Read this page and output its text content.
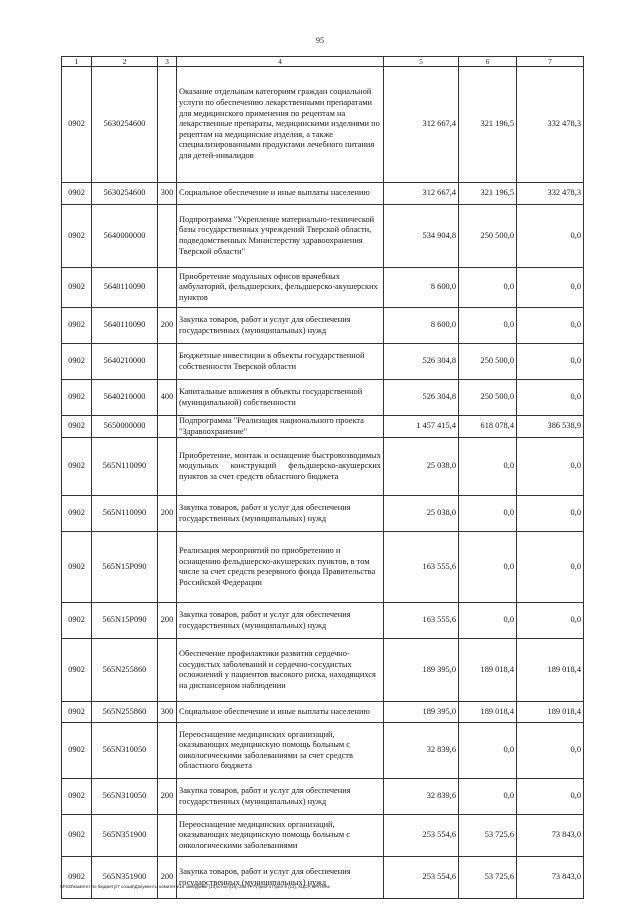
95
1	2	3	4	5	6	7
0902	5630254600		Оказание отдельным категориям граждан социальной услуги по обеспечению лекарственными препаратами для медицинского применения по рецептам на лекарственные препараты, медицинскими изделиями по рецептам на медицинские изделия, а также специализированными продуктами лечебного питания для детей-инвалидов	312 667,4	321 196,5	332 478,3
0902	5630254600	300	Социальное обеспечение и иные выплаты населению	312 667,4	321 196,5	332 478,3
0902	5640000000		Подпрограмма "Укрепление материально-технической базы государственных учреждений Тверской области, подведомственных Министерству здравоохранения Тверской области"	534 904,8	250 500,0	0,0
0902	5640110090		Приобретение модульных офисов врачебных амбулаторий, фельдшерских, фельдшерско-акушерских пунктов	8 600,0	0,0	0,0
0902	5640110090	200	Закупка товаров, работ и услуг для обеспечения государственных (муниципальных) нужд	8 600,0	0,0	0,0
0902	5640210000		Бюджетные инвестиции в объекты государственной собственности Тверской области	526 304,8	250 500,0	0,0
0902	5640210000	400	Капитальные вложения в объекты государственной (муниципальной) собственности	526 304,8	250 500,0	0,0
0902	5650000000		Подпрограмма "Реализация национального проекта "Здравоохранение"	1 457 415,4	618 078,4	386 538,9
0902	565N110090		Приобретение, монтаж и оснащение быстровозводимых модульных конструкций фельдшерско-акушерских пунктов за счет средств областного бюджета	25 038,0	0,0	0,0
0902	565N110090	200	Закупка товаров, работ и услуг для обеспечения государственных (муниципальных) нужд	25 038,0	0,0	0,0
0902	565N15P090		Реализация мероприятий по приобретению и оснащению фельдшерско-акушерских пунктов, в том числе за счет средств резервного фонда Правительства Российской Федерации	163 555,6	0,0	0,0
0902	565N15P090	200	Закупка товаров, работ и услуг для обеспечения государственных (муниципальных) нужд	163 555,6	0,0	0,0
0902	565N255860		Обеспечение профилактики развития сердечно-сосудистых заболеваний и сердечно-сосудистых осложнений у пациентов высокого риска, находящихся на диспансерном наблюдении	189 395,0	189 018,4	189 018,4
0902	565N255860	300	Социальное обеспечение и иные выплаты населению	189 395,0	189 018,4	189 018,4
0902	565N310050		Переоснащение медицинских организаций, оказывающих медицинскую помощь больным с онкологическими заболеваниями за счет средств областного бюджета	32 839,6	0,0	0,0
0902	565N310050	200	Закупка товаров, работ и услуг для обеспечения государственных (муниципальных) нужд	32 839,6	0,0	0,0
0902	565N351900		Переоснащение медицинских организаций, оказывающих медицинскую помощь больным с онкологическими заболеваниями	253 554,6	53 725,6	73 843,0
0902	565N351900	200	Закупка товаров, работ и услуг для обеспечения государственных (муниципальных) нужд	253 554,6	53 725,6	73 843,0
\\Fs03\комитет по бюджету\7 созыв\Документы комитета\16 заседание (10)\от\ос\(16) 253-П-7\Прил 4 Прил 8 (11), КЦСР, ВРЛ.xlsx
